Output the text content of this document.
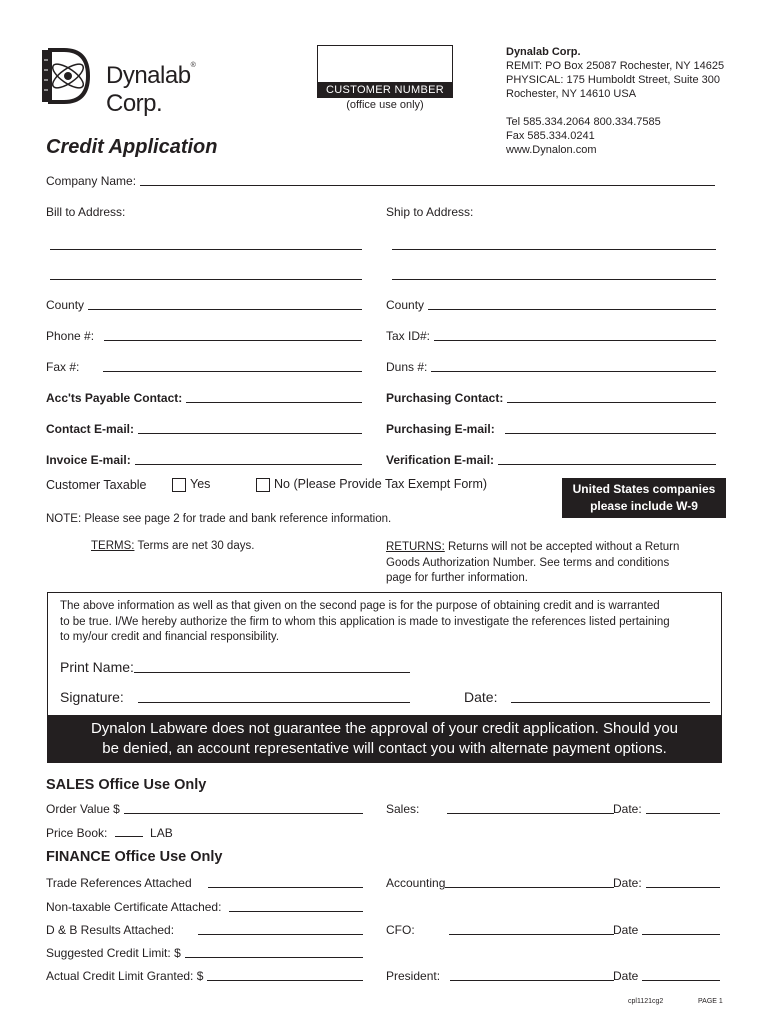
Dynalab® Corp.	CUSTOMER NUMBER
(office use only)
Dynalab Corp.
REMIT: PO Box 25087 Rochester, NY 14625
PHYSICAL: 175 Humboldt Street, Suite 300
Rochester, NY 14610 USA
Tel 585.334.2064 800.334.7585
Fax 585.334.0241
www.Dynalon.com
Credit Application
Company Name:
Bill to Address:	Ship to Address:
County	County
Phone #:	Tax ID#:
Fax #:	Duns #:
Acc'ts Payable Contact:	Purchasing Contact:
Contact E-mail:	Purchasing E-mail:
Invoice E-mail:	Verification E-mail:
Customer Taxable	Yes	No (Please Provide Tax Exempt Form)	United States companies
please include W-9
NOTE: Please see page 2 for trade and bank reference information.
TERMS: Terms are net 30 days.	RETURNS: Returns will not be accepted without a Return
Goods Authorization Number. See terms and conditions
page for further information.
The above information as well as that given on the second page is for the purpose of obtaining credit and is warranted
to be true. I/We hereby authorize the firm to whom this application is made to investigate the references listed pertaining
to my/our credit and financial responsibility.
Print Name:
Signature:	Date:
Dynalon Labware does not guarantee the approval of your credit application. Should you
be denied, an account representative will contact you with alternate payment options.
SALES Office Use Only
Order Value $	Sales:	Date:
Price Book:	LAB
FINANCE Office Use Only
Trade References Attached	Accounting	Date:
Non-taxable Certificate Attached:
D & B Results Attached:	CFO:	Date
Suggested Credit Limit: $
Actual Credit Limit Granted: $	President:	Date
cpl1121cg2	PAGE 1
